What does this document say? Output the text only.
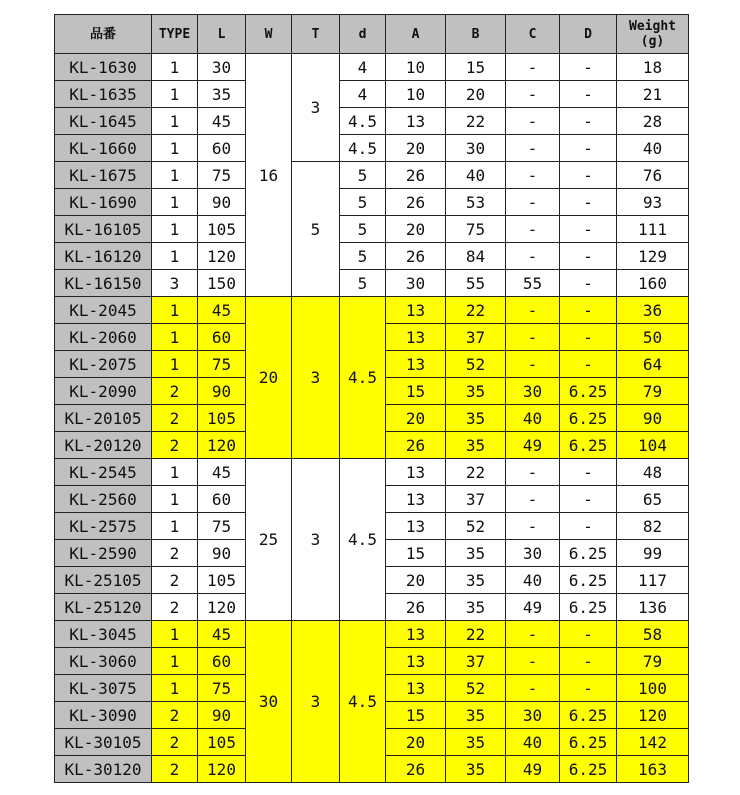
品番	TYPE	L	W	T	d	A	B	C	D	Weight
(g)
KL-1630	1	30	16	3	4	10	15	-	-	18
KL-1635	1	35			4	10	20	-	-	21
KL-1645	1	45			4.5	13	22	-	-	28
KL-1660	1	60			4.5	20	30	-	-	40
KL-1675	1	75		5	5	26	40	-	-	76
KL-1690	1	90			5	26	53	-	-	93
KL-16105	1	105			5	20	75	-	-	111
KL-16120	1	120			5	26	84	-	-	129
KL-16150	3	150			5	30	55	55	-	160
KL-2045	1	45	20	3	4.5	13	22	-	-	36
KL-2060	1	60				13	37	-	-	50
KL-2075	1	75				13	52	-	-	64
KL-2090	2	90				15	35	30	6.25	79
KL-20105	2	105				20	35	40	6.25	90
KL-20120	2	120				26	35	49	6.25	104
KL-2545	1	45	25	3	4.5	13	22	-	-	48
KL-2560	1	60				13	37	-	-	65
KL-2575	1	75				13	52	-	-	82
KL-2590	2	90				15	35	30	6.25	99
KL-25105	2	105				20	35	40	6.25	117
KL-25120	2	120				26	35	49	6.25	136
KL-3045	1	45	30	3	4.5	13	22	-	-	58
KL-3060	1	60				13	37	-	-	79
KL-3075	1	75				13	52	-	-	100
KL-3090	2	90				15	35	30	6.25	120
KL-30105	2	105				20	35	40	6.25	142
KL-30120	2	120				26	35	49	6.25	163
